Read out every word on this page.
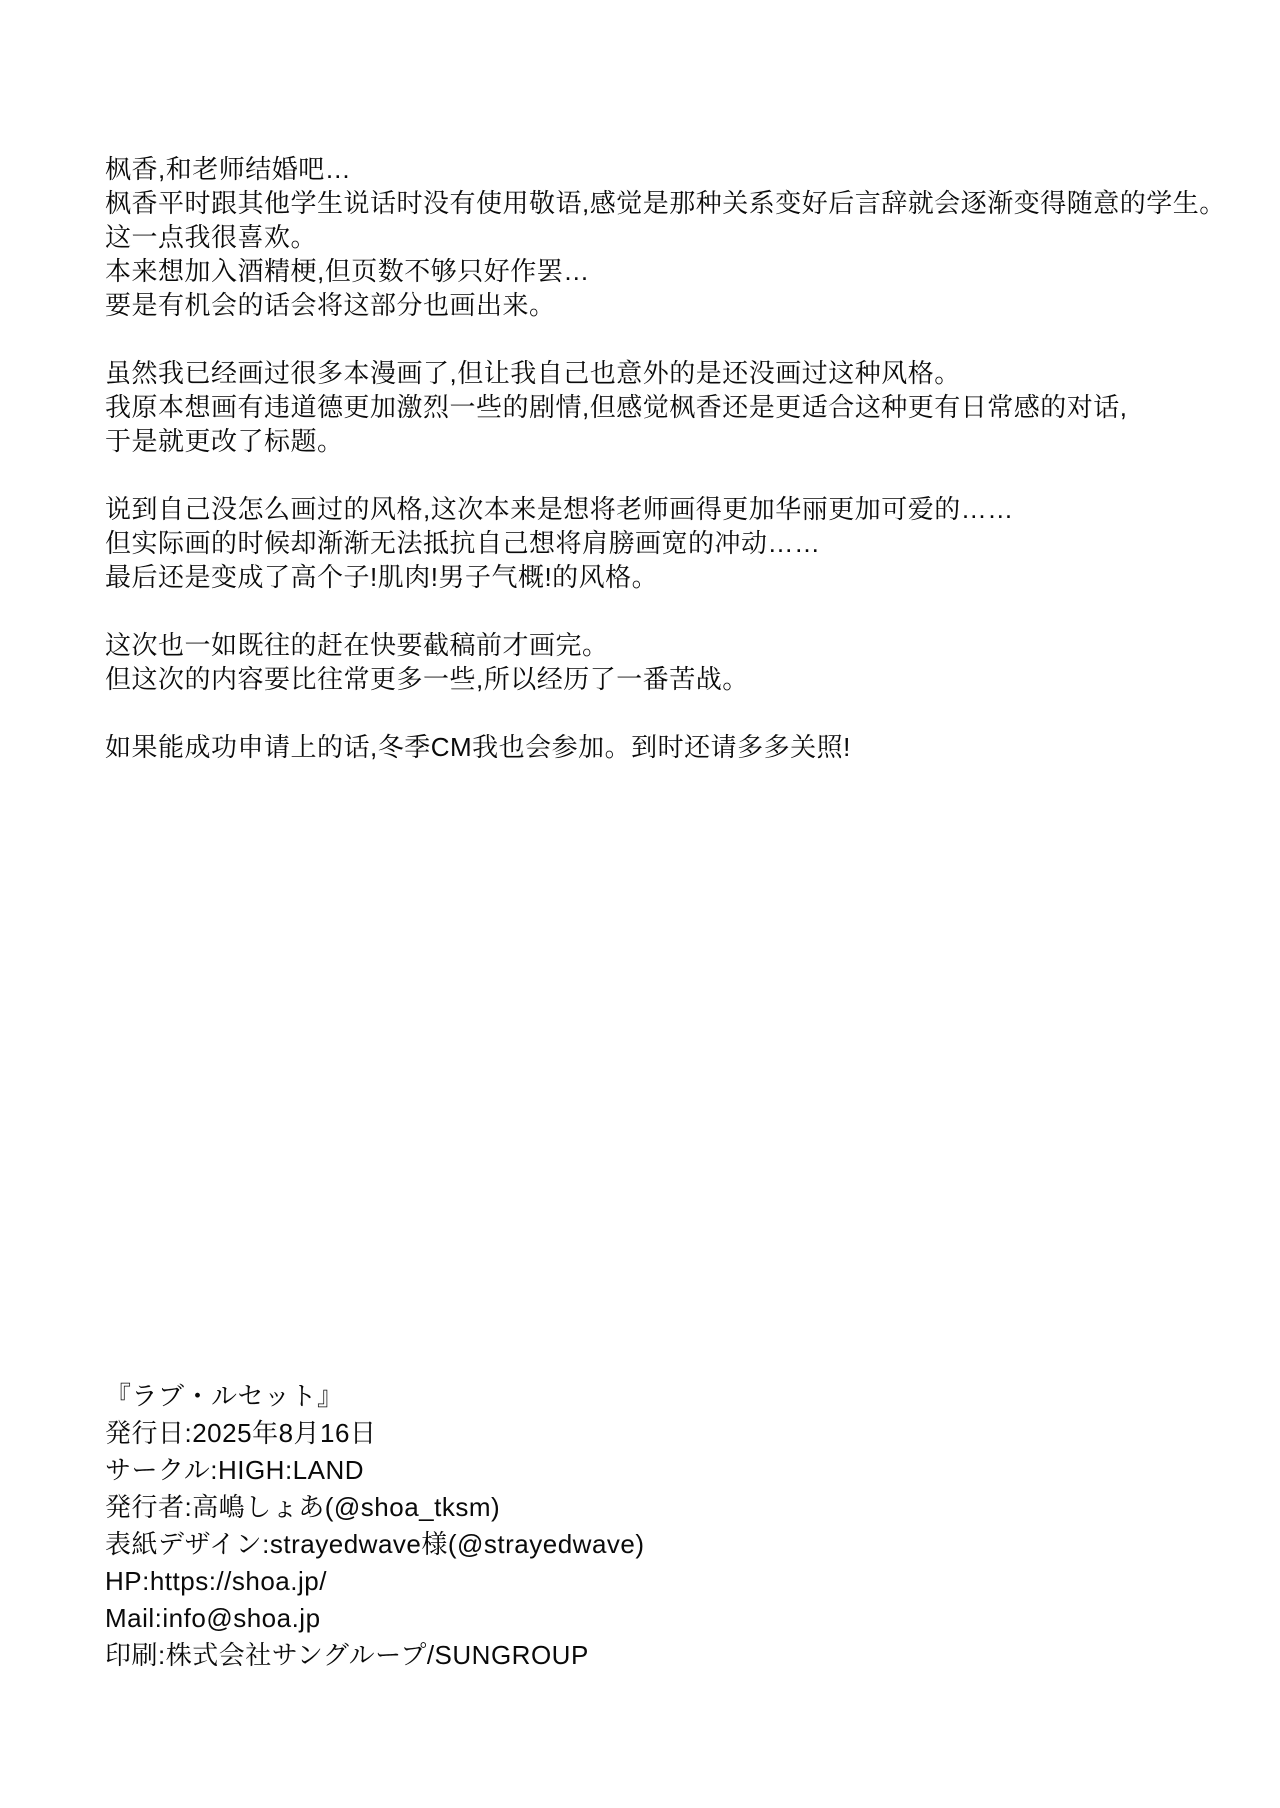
枫香,和老师结婚吧…
枫香平时跟其他学生说话时没有使用敬语,感觉是那种关系变好后言辞就会逐渐变得随意的学生。
这一点我很喜欢。
本来想加入酒精梗,但页数不够只好作罢…
要是有机会的话会将这部分也画出来。

虽然我已经画过很多本漫画了,但让我自己也意外的是还没画过这种风格。
我原本想画有违道德更加激烈一些的剧情,但感觉枫香还是更适合这种更有日常感的对话,
于是就更改了标题。

说到自己没怎么画过的风格,这次本来是想将老师画得更加华丽更加可爱的……
但实际画的时候却渐渐无法抵抗自己想将肩膀画宽的冲动……
最后还是变成了高个子!肌肉!男子气概!的风格。

这次也一如既往的赶在快要截稿前才画完。
但这次的内容要比往常更多一些,所以经历了一番苦战。

如果能成功申请上的话,冬季CM我也会参加。到时还请多多关照!

『ラブ・ルセット』
発行日:2025年8月16日
サークル:HIGH:LAND
発行者:高嶋しょあ(@shoa_tksm)
表紙デザイン:strayedwave様(@strayedwave)
HP:https://shoa.jp/
Mail:info@shoa.jp
印刷:株式会社サングループ/SUNGROUP
